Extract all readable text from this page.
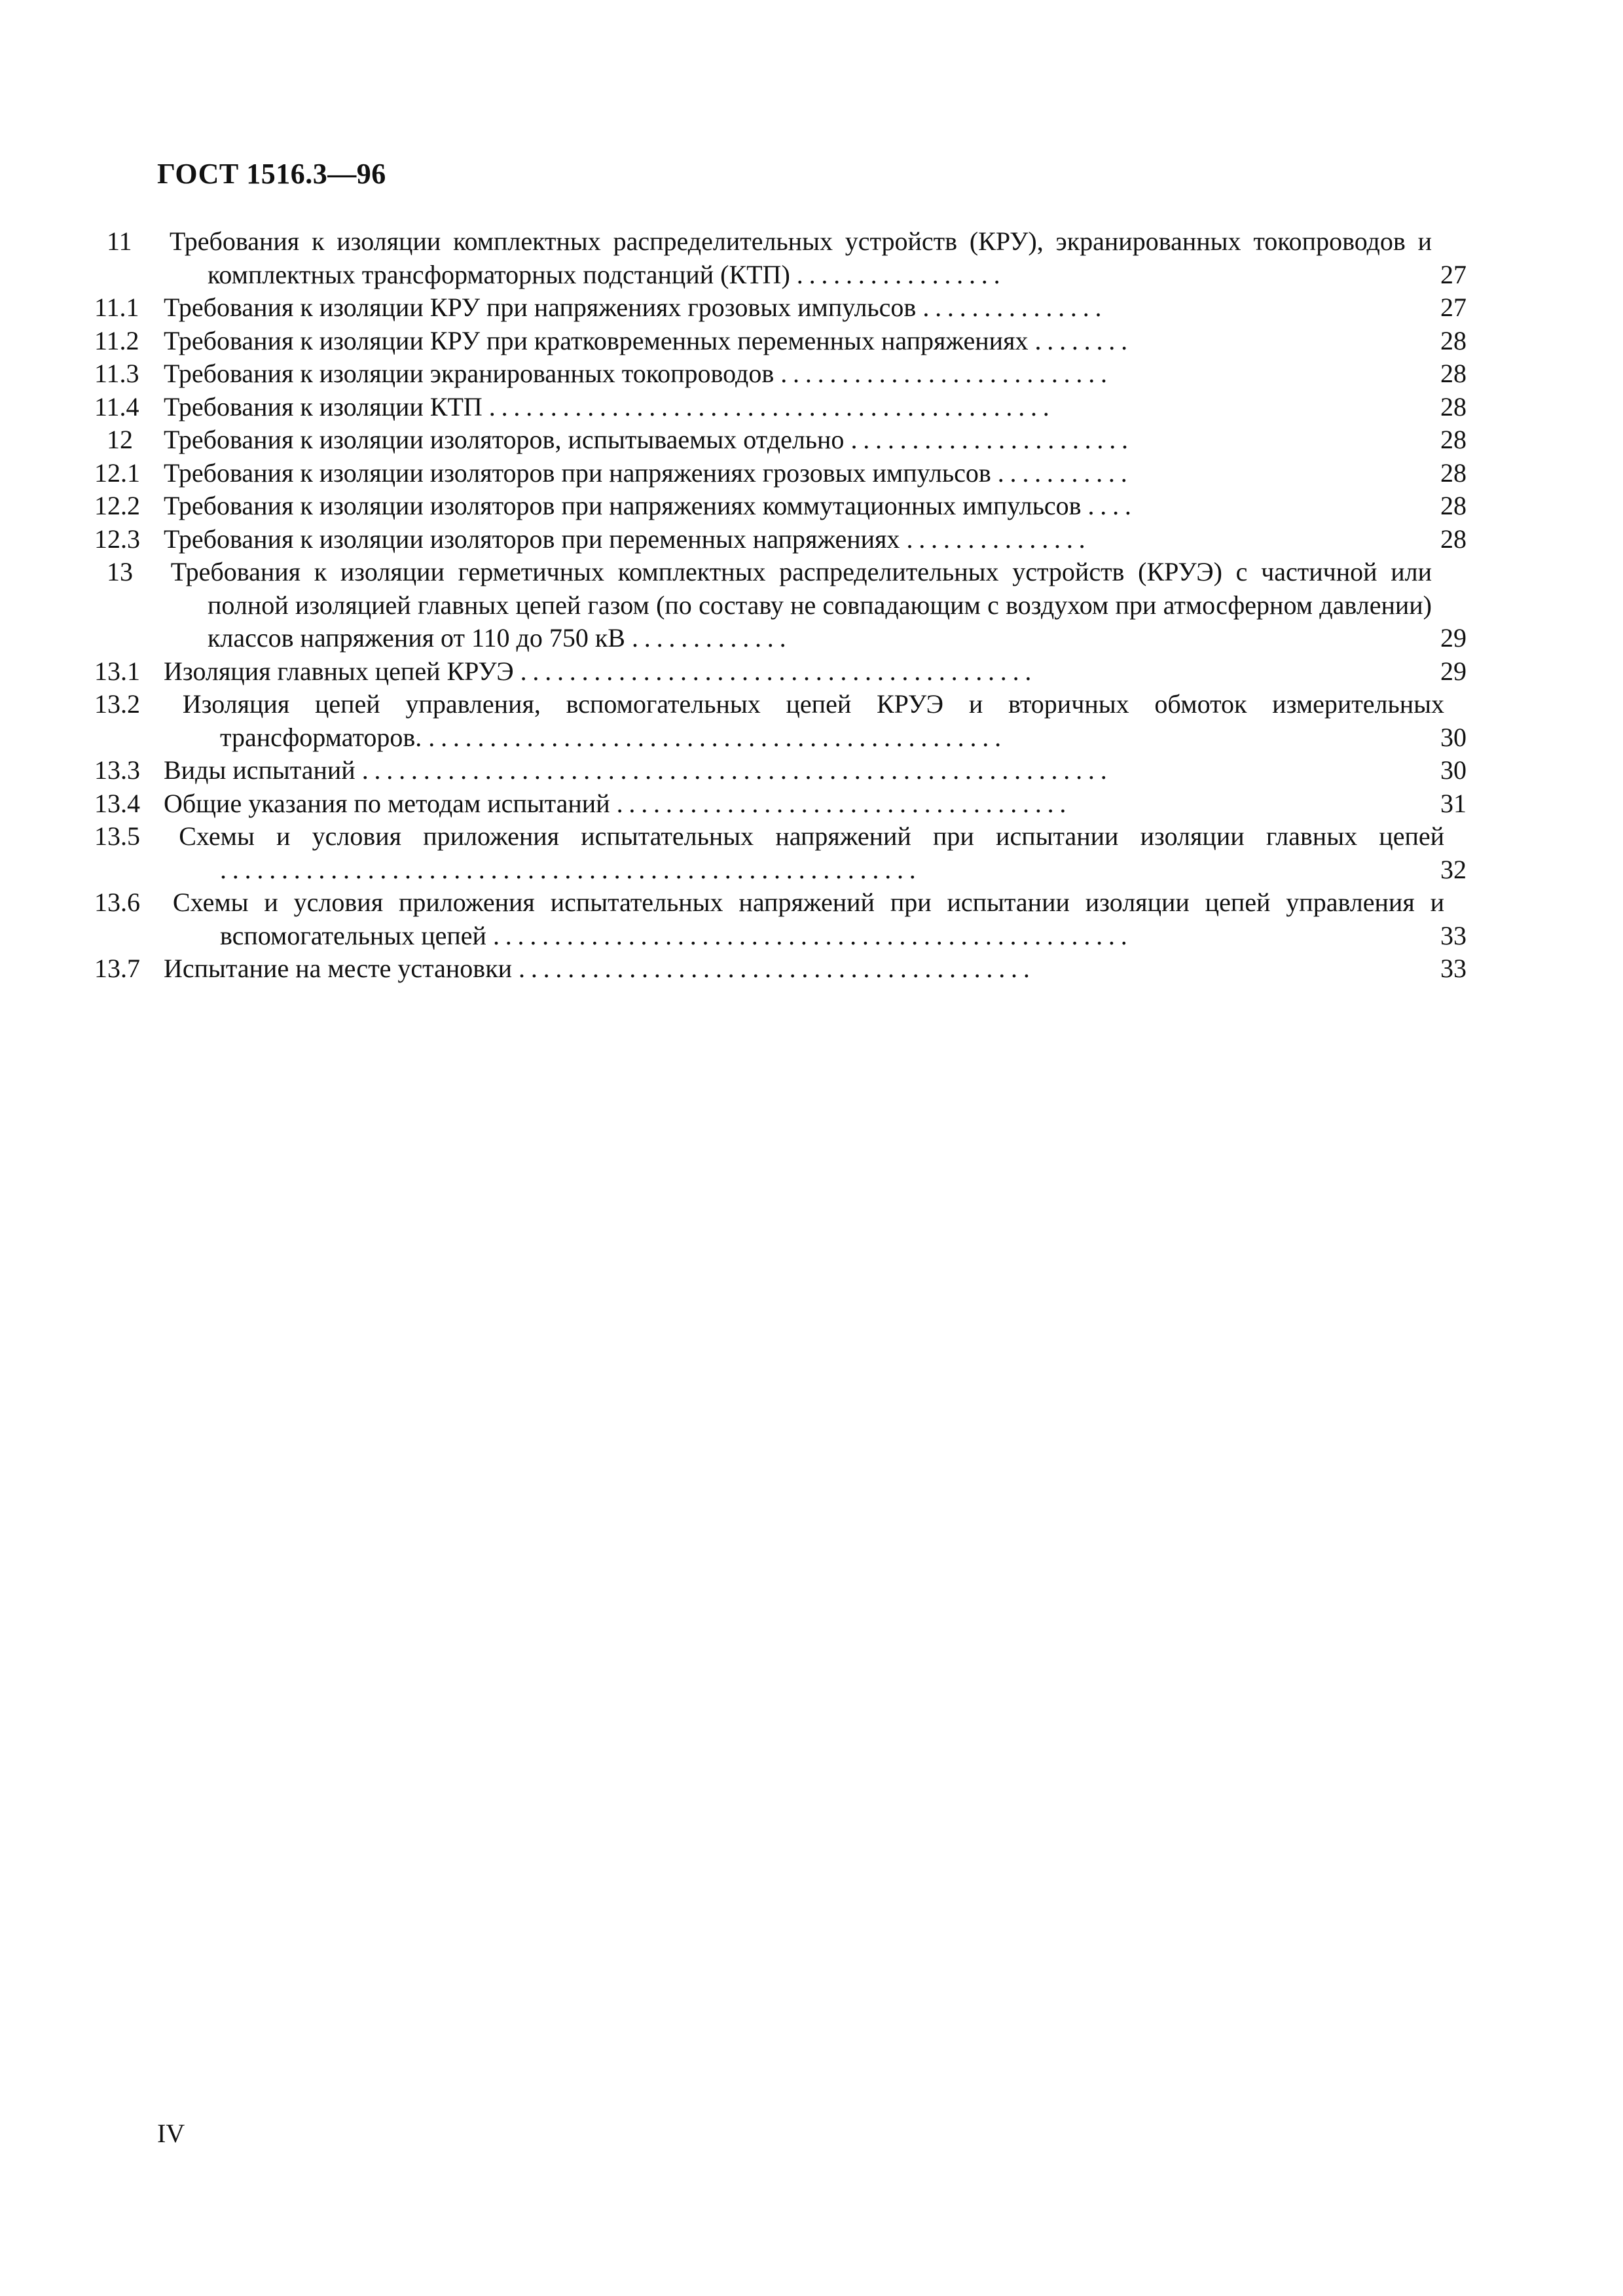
ГОСТ 1516.3—96
11 Требования к изоляции комплектных распределительных устройств (КРУ), экранированных токопроводов и комплектных трансформаторных подстанций (КТП) .................	27
11.1 Требования к изоляции КРУ при напряжениях грозовых импульсов ...............	27
11.2 Требования к изоляции КРУ при кратковременных переменных напряжениях ........	28
11.3 Требования к изоляции экранированных токопроводов ...........................	28
11.4 Требования к изоляции КТП ..............................................	28
12 Требования к изоляции изоляторов, испытываемых отдельно .......................	28
12.1 Требования к изоляции изоляторов при напряжениях грозовых импульсов ...........	28
12.2 Требования к изоляции изоляторов при напряжениях коммутационных импульсов ....	28
12.3 Требования к изоляции изоляторов при переменных напряжениях ...............	28
13 Требования к изоляции герметичных комплектных распределительных устройств (КРУЭ) с частичной или полной изоляцией главных цепей газом (по составу не совпадающим с воздухом при атмосферном давлении) классов напряжения от 110 до 750 кВ .............	29
13.1 Изоляция главных цепей КРУЭ ..........................................	29
13.2 Изоляция цепей управления, вспомогательных цепей КРУЭ и вторичных обмоток измерительных трансформаторов. ...............................................	30
13.3 Виды испытаний .............................................................	30
13.4 Общие указания по методам испытаний .....................................	31
13.5 Схемы и условия приложения испытательных напряжений при испытании изоляции главных цепей .........................................................	32
13.6 Схемы и условия приложения испытательных напряжений при испытании изоляции цепей управления и вспомогательных цепей ....................................................	33
13.7 Испытание на месте установки ..........................................	33
IV
